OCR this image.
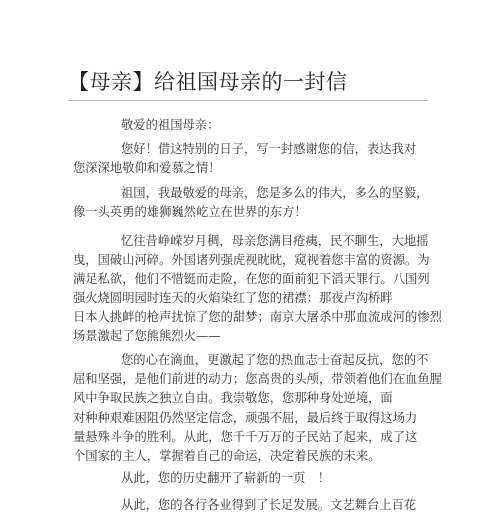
【母亲】给祖国母亲的一封信
敬爱的祖国母亲：
您好！借这特别的日子，写一封感谢您的信，表达我对
您深深地敬仰和爱慕之情！
祖国，我最敬爱的母亲，您是多么的伟大，多么的坚毅，
像一头英勇的雄狮巍然屹立在世界的东方！
忆往昔峥嵘岁月稠，母亲您满目疮痍，民不聊生，大地摇
曳，国破山河碎。外国诸列强虎视眈眈，窥视着您丰富的资源。为
满足私欲，他们不惜铤而走险，在您的面前犯下滔天罪行。八国列
强火烧圆明园时连天的火焰染红了您的裙襟：那夜卢沟桥畔
日本人挑衅的枪声扰惊了您的甜梦；南京大屠杀中那血流成河的惨烈
场景激起了您熊熊烈火——
您的心在滴血，更激起了您的热血志士奋起反抗，您的不
屈和坚强，是他们前进的动力；您高贵的头颅，带领着他们在血鱼腥
风中争取民族之独立自由。我崇敬您，您那种身处逆境，面
对种种艰难困阻仍然坚定信念，顽强不屈，最后终于取得这场力
量悬殊斗争的胜利。从此，您千千万万的子民站了起来，成了这
个国家的主人，掌握着自己的命运，决定着民族的未来。
从此，您的历史翻开了崭新的一页　！
从此，您的各行各业得到了长足发展。文艺舞台上百花
